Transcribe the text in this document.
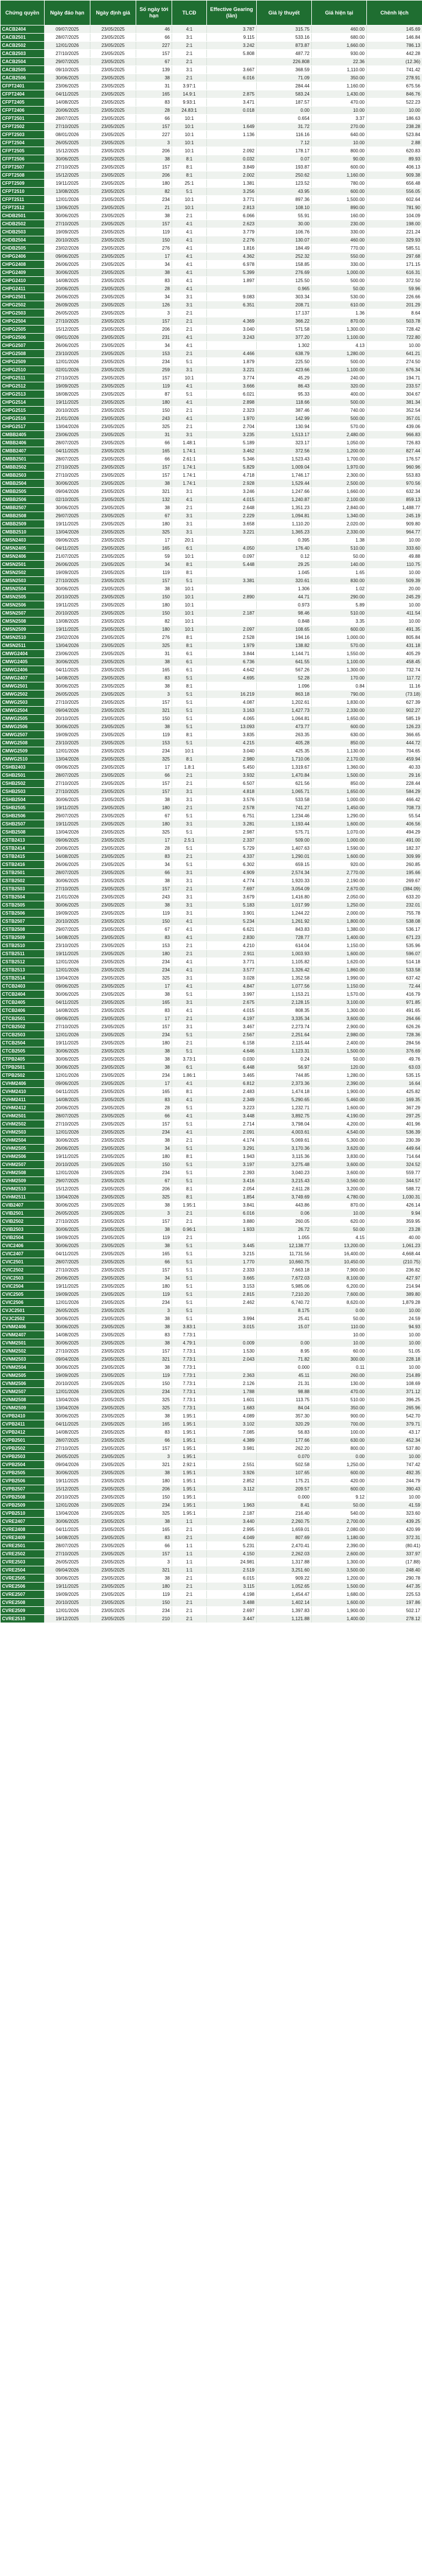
Chứng quyền	Ngày đáo hạn	Ngày định giá	Số ngày tới hạn	TLCĐ	Effective Gearing (lần)	Giá lý thuyết	Giá hiện tại	Chênh lệch
CACB2404	09/07/2025	23/05/2025	46	4:1	3.787	315.75	460.00	145.69
CACB2501	28/07/2025	23/05/2025	66	3:1	9.115	533.16	680.00	146.84
CACB2502	12/01/2026	23/05/2025	227	2:1	3.242	873.87	1,660.00	786.13
CACB2503	27/10/2025	23/05/2025	157	2:1	5.808	487.72	930.00	442.28
CACB2504	29/07/2025	23/05/2025	67	2:1		226.808	22.36	(12.36)
CACB2505	09/10/2025	23/05/2025	139	3:1	3.667	368.59	1,110.00	741.42
CACB2506	30/06/2025	23/05/2025	38	2:1	6.016	71.09	350.00	278.91
CFPT2401	23/06/2025	23/05/2025	31	3.97:1		284.44	1,160.00	675.56
CFPT2404	04/11/2025	23/05/2025	165	14.9:1	2.875	583.24	1,430.00	846.76
CFPT2405	14/08/2025	23/05/2025	83	9.93:1	3.471	187.57	470.00	522.23
CFPT2406	20/06/2025	23/05/2025	28	24.83:1	0.018	0.00	10.00	10.00
CFPT2501	28/07/2025	23/05/2025	66	10:1		0.654	3.37	186.63
CFPT2502	27/10/2025	23/05/2025	157	10:1	1.649	31.72	270.00	238.28
CFPT2503	08/01/2026	23/05/2025	227	10:1	1.136	116.16	640.00	523.84
CFPT2504	26/05/2025	23/05/2025	3	10:1		7.12	10.00	2.88
CFPT2505	15/12/2025	23/05/2025	206	10:1	2.092	178.17	800.00	620.83
CFPT2506	30/06/2025	23/05/2025	38	8:1	0.032	0.07	90.00	89.93
CFPT2507	27/10/2025	23/05/2025	157	8:1	3.849	193.87	600.00	406.13
CFPT2508	15/12/2025	23/05/2025	206	8:1	2.002	250.62	1,160.00	909.38
CFPT2509	19/11/2025	23/05/2025	180	25:1	1.381	123.52	780.00	656.48
CFPT2510	13/08/2025	23/05/2025	82	5:1	3.256	43.95	600.00	556.05
CFPT2511	12/01/2026	23/05/2025	234	10:1	3.771	897.36	1,500.00	602.64
CFPT2512	13/06/2025	23/05/2025	21	10:1	2.813	108.10	890.00	781.90
CHDB2501	30/06/2025	23/05/2025	38	2:1	6.066	55.91	160.00	104.09
CHDB2502	27/10/2025	23/05/2025	157	4:1	2.623	30.00	230.00	198.00
CHDB2503	19/09/2025	23/05/2025	119	4:1	3.779	106.76	330.00	221.24
CHDB2504	20/10/2025	23/05/2025	150	4:1	2.276	130.07	460.00	329.93
CHDB2505	23/02/2026	23/05/2025	276	4:1	1.816	184.49	770.00	585.51
CHPG2406	09/06/2025	23/05/2025	17	4:1	4.362	252.32	550.00	297.68
CHPG2408	26/06/2025	23/05/2025	34	4:1	6.978	158.85	330.00	171.15
CHPG2409	30/06/2025	23/05/2025	38	4:1	5.399	276.69	1,000.00	616.31
CHPG2410	14/08/2025	23/05/2025	83	4:1	1.897	125.50	500.00	372.50
CHPG2411	20/06/2025	23/05/2025	28	4:1		0.965	50.00	59.96
CHPG2501	26/06/2025	23/05/2025	34	3:1	9.083	303.34	530.00	226.66
CHPG2502	26/09/2025	23/05/2025	126	3:1	6.351	208.71	610.00	201.29
CHPG2503	26/05/2025	23/05/2025	3	2:1		17.137	1.36	8.64
CHPG2504	27/10/2025	23/05/2025	157	2:1	4.369	366.22	870.00	503.78
CHPG2505	15/12/2025	23/05/2025	206	2:1	3.040	571.58	1,300.00	728.42
CHPG2506	09/01/2026	23/05/2025	231	4:1	3.243	377.20	1,100.00	722.80
CHPG2507	26/06/2025	23/05/2025	34	4:1		1.302	4.13	10.00
CHPG2508	23/10/2025	23/05/2025	153	2:1	4.466	638.79	1,280.00	641.21
CHPG2509	12/01/2026	23/05/2025	234	5:1	1.879	225.50	500.00	274.50
CHPG2510	02/01/2026	23/05/2025	259	3:1	3.221	423.66	1,100.00	676.34
CHPG2511	27/10/2025	23/05/2025	157	10:1	3.774	45.29	240.00	194.71
CHPG2512	19/09/2025	23/05/2025	119	4:1	3.666	86.43	320.00	233.57
CHPG2513	18/08/2025	23/05/2025	87	5:1	6.021	95.33	400.00	304.67
CHPG2514	19/11/2025	23/05/2025	180	4:1	2.898	118.66	500.00	381.34
CHPG2515	20/10/2025	23/05/2025	150	2:1	2.323	387.46	740.00	352.54
CHPG2516	21/01/2026	23/05/2025	243	4:1	1.970	142.99	500.00	357.01
CHPG2517	13/04/2026	23/05/2025	325	2:1	2.704	130.94	570.00	439.06
CMBB2405	23/06/2025	23/05/2025	31	3:1	3.235	1,513.17	2,480.00	966.83
CMBB2406	28/07/2025	23/05/2025	66	1.48:1	5.189	323.17	1,050.00	726.83
CMBB2407	04/11/2025	23/05/2025	165	1.74:1	3.462	372.56	1,200.00	827.44
CMBB2501	28/07/2025	23/05/2025	66	2.61:1	5.346	1,523.43	1,700.00	176.57
CMBB2502	27/10/2025	23/05/2025	157	1.74:1	5.829	1,009.04	1,970.00	960.96
CMBB2503	27/10/2025	23/05/2025	157	1.74:1	4.718	1,746.17	2,300.00	553.83
CMBB2504	30/06/2025	23/05/2025	38	1.74:1	2.928	1,529.44	2,500.00	970.56
CMBB2505	09/04/2026	23/05/2025	321	3:1	3.246	1,247.66	1,660.00	632.34
CMBB2506	02/10/2025	23/05/2025	132	4:1	4.015	1,240.87	2,100.00	859.13
CMBB2507	30/06/2025	23/05/2025	38	2:1	2.648	1,351.23	2,840.00	1,488.77
CMBB2508	29/07/2025	23/05/2025	67	3:1	2.229	1,094.81	1,340.00	245.19
CMBB2509	19/11/2025	23/05/2025	180	3:1	3.658	1,110.20	2,020.00	909.80
CMBB2510	13/04/2026	23/05/2025	325	3:1	3.221	1,365.23	2,330.00	964.77
CMSN2403	09/06/2025	23/05/2025	17	20:1		0.395	1.38	10.00
CMSN2405	04/11/2025	23/05/2025	165	6:1	4.050	176.40	510.00	333.60
CMSN2406	21/07/2025	23/05/2025	59	10:1	0.097	0.12	50.00	49.88
CMSN2501	26/06/2025	23/05/2025	34	8:1	5.448	29.25	140.00	110.75
CMSN2502	19/09/2025	23/05/2025	119	8:1		1.045	1.65	10.00
CMSN2503	27/10/2025	23/05/2025	157	5:1	3.381	320.61	830.00	509.39
CMSN2504	30/06/2025	23/05/2025	38	10:1		1.306	1.02	20.00
CMSN2505	20/10/2025	23/05/2025	150	10:1	2.890	44.71	290.00	245.29
CMSN2506	19/11/2025	23/05/2025	180	10:1		0.973	5.89	10.00
CMSN2507	20/10/2025	23/05/2025	150	10:1	2.187	98.46	510.00	411.54
CMSN2508	13/08/2025	23/05/2025	82	10:1		0.848	3.35	10.00
CMSN2509	19/11/2025	23/05/2025	180	10:1	2.097	108.65	600.00	491.35
CMSN2510	23/02/2026	23/05/2025	276	8:1	2.528	194.16	1,000.00	805.84
CMSN2511	13/04/2026	23/05/2025	325	8:1	1.979	138.82	570.00	431.18
CMWG2404	23/06/2025	23/05/2025	31	6:1	3.844	1,144.71	1,550.00	405.29
CMWG2405	30/06/2025	23/05/2025	38	6:1	6.736	641.55	1,100.00	458.45
CMWG2406	04/11/2025	23/05/2025	165	6:1	4.642	567.26	1,300.00	732.74
CMWG2407	14/08/2025	23/05/2025	83	5:1	4.695	52.28	170.00	117.72
CMWG2501	30/06/2025	23/05/2025	38	8:1		1.096	0.84	11.16
CMWG2502	26/05/2025	23/05/2025	3	5:1	16.219	863.18	790.00	(73.18)
CMWG2503	27/10/2025	23/05/2025	157	5:1	4.087	1,202.61	1,830.00	627.39
CMWG2504	09/04/2026	23/05/2025	321	5:1	3.163	1,427.73	2,330.00	902.27
CMWG2505	20/10/2025	23/05/2025	150	5:1	4.065	1,064.81	1,650.00	585.19
CMWG2506	30/06/2025	23/05/2025	38	5:1	13.093	473.77	600.00	126.23
CMWG2507	19/09/2025	23/05/2025	119	8:1	3.835	263.35	630.00	366.65
CMWG2508	23/10/2025	23/05/2025	153	5:1	4.215	405.28	850.00	444.72
CMWG2509	12/01/2026	23/05/2025	234	10:1	3.040	425.35	1,130.00	704.65
CMWG2510	13/04/2026	23/05/2025	325	8:1	2.980	1,710.06	2,170.00	459.94
CSHB2403	09/06/2025	23/05/2025	17	1.8:1	5.450	1,319.67	1,360.00	40.33
CSHB2501	28/07/2025	23/05/2025	66	2:1	3.932	1,470.84	1,500.00	29.16
CSHB2502	27/10/2025	23/05/2025	157	2:1	6.507	621.56	850.00	228.44
CSHB2503	27/10/2025	23/05/2025	157	3:1	4.818	1,065.71	1,650.00	584.29
CSHB2504	30/06/2025	23/05/2025	38	3:1	3.576	533.58	1,000.00	466.42
CSHB2505	19/11/2025	23/05/2025	180	2:1	2.578	741.27	1,450.00	708.73
CSHB2506	29/07/2025	23/05/2025	67	5:1	6.751	1,234.46	1,290.00	55.54
CSHB2507	19/11/2025	23/05/2025	180	3:1	3.281	1,193.44	1,600.00	406.56
CSHB2508	13/04/2026	23/05/2025	325	5:1	2.987	575.71	1,070.00	494.29
CSTB2413	09/06/2025	23/05/2025	17	2.5:1	2.337	509.00	1,000.00	491.00
CSTB2414	20/06/2025	23/05/2025	28	5:1	5.729	1,407.63	1,590.00	182.37
CSTB2415	14/08/2025	23/05/2025	83	2:1	4.337	1,290.01	1,600.00	309.99
CSTB2416	26/06/2025	23/05/2025	34	5:1	6.302	659.15	920.00	260.85
CSTB2501	28/07/2025	23/05/2025	66	3:1	4.909	2,574.34	2,770.00	195.66
CSTB2502	30/06/2025	23/05/2025	38	3:1	4.774	1,920.33	2,190.00	269.67
CSTB2503	27/10/2025	23/05/2025	157	2:1	7.697	3,054.09	2,670.00	(384.09)
CSTB2504	21/01/2026	23/05/2025	243	3:1	3.679	1,416.80	2,050.00	633.20
CSTB2505	30/06/2025	23/05/2025	38	3:1	5.183	1,017.99	1,250.00	232.01
CSTB2506	19/09/2025	23/05/2025	119	3:1	3.901	1,244.22	2,000.00	755.78
CSTB2507	20/10/2025	23/05/2025	150	4:1	5.234	1,261.92	1,800.00	538.08
CSTB2508	29/07/2025	23/05/2025	67	4:1	6.621	843.83	1,380.00	536.17
CSTB2509	14/08/2025	23/05/2025	83	4:1	2.830	728.77	1,400.00	671.23
CSTB2510	23/10/2025	23/05/2025	153	2:1	4.210	614.04	1,150.00	535.96
CSTB2511	19/11/2025	23/05/2025	180	2:1	2.911	1,003.93	1,600.00	596.07
CSTB2512	12/01/2026	23/05/2025	234	4:1	3.771	1,105.82	1,620.00	514.18
CSTB2513	12/01/2026	23/05/2025	234	4:1	3.577	1,326.42	1,860.00	533.58
CSTB2514	13/04/2026	23/05/2025	325	3:1	3.028	1,352.58	1,990.00	637.42
CTCB2403	09/06/2025	23/05/2025	17	4:1	4.847	1,077.56	1,150.00	72.44
CTCB2404	30/06/2025	23/05/2025	38	5:1	3.997	1,153.21	1,570.00	416.79
CTCB2405	04/11/2025	23/05/2025	165	3:1	2.675	2,128.15	3,100.00	971.85
CTCB2406	14/08/2025	23/05/2025	83	4:1	4.015	808.35	1,300.00	491.65
CTCB2501	09/06/2025	23/05/2025	17	2:1	4.197	3,335.34	3,600.00	264.66
CTCB2502	27/10/2025	23/05/2025	157	3:1	3.467	2,273.74	2,900.00	626.26
CTCB2503	12/01/2026	23/05/2025	234	5:1	2.567	2,251.64	2,980.00	728.36
CTCB2504	19/11/2025	23/05/2025	180	2:1	6.158	2,115.44	2,400.00	284.56
CTCB2505	30/06/2025	23/05/2025	38	5:1	4.646	1,123.31	1,500.00	376.69
CTPB2405	30/06/2025	23/05/2025	38	3.73:1	0.030	0.24	50.00	49.76
CTPB2501	30/06/2025	23/05/2025	38	6:1	6.448	56.97	120.00	63.03
CTPB2502	12/01/2026	23/05/2025	234	1.86:1	3.465	744.85	1,280.00	535.15
CVHM2406	09/06/2025	23/05/2025	17	4:1	6.812	2,373.36	2,390.00	16.64
CVHM2410	04/11/2025	23/05/2025	165	8:1	2.483	1,474.18	1,900.00	425.82
CVHM2411	14/08/2025	23/05/2025	83	4:1	2.349	5,290.65	5,460.00	169.35
CVHM2412	20/06/2025	23/05/2025	28	5:1	3.223	1,232.71	1,600.00	367.29
CVHM2501	28/07/2025	23/05/2025	66	4:1	3.448	3,892.75	4,190.00	297.25
CVHM2502	27/10/2025	23/05/2025	157	5:1	2.714	3,798.04	4,200.00	401.96
CVHM2503	12/01/2026	23/05/2025	234	4:1	2.091	4,003.61	4,540.00	536.39
CVHM2504	30/06/2025	23/05/2025	38	2:1	4.174	5,069.61	5,300.00	230.39
CVHM2505	26/06/2025	23/05/2025	34	5:1	3.291	3,170.36	3,620.00	449.64
CVHM2506	19/11/2025	23/05/2025	180	8:1	1.943	3,115.36	3,830.00	714.64
CVHM2507	20/10/2025	23/05/2025	150	5:1	3.197	3,275.48	3,600.00	324.52
CVHM2508	12/01/2026	23/05/2025	234	5:1	2.393	3,040.23	3,600.00	559.77
CVHM2509	29/07/2025	23/05/2025	67	5:1	3.416	3,215.43	3,560.00	344.57
CVHM2510	15/12/2025	23/05/2025	206	8:1	2.054	2,611.28	3,200.00	588.72
CVHM2511	13/04/2026	23/05/2025	325	8:1	1.854	3,749.69	4,780.00	1,030.31
CVIB2407	30/06/2025	23/05/2025	38	1.95:1	3.841	443.86	870.00	426.14
CVIB2501	26/05/2025	23/05/2025	3	2:1	6.016	0.06	10.00	9.94
CVIB2502	27/10/2025	23/05/2025	157	2:1	3.880	260.05	620.00	359.95
CVIB2503	30/06/2025	23/05/2025	38	0.96:1	1.933	26.72	50.00	23.28
CVIB2504	19/09/2025	23/05/2025	119	2:1		1.055	4.15	40.00
CVIC2406	30/06/2025	23/05/2025	38	5:1	3.445	12,138.77	13,200.00	1,061.23
CVIC2407	04/11/2025	23/05/2025	165	5:1	3.215	11,731.56	16,400.00	4,668.44
CVIC2501	28/07/2025	23/05/2025	66	5:1	1.770	10,660.75	10,450.00	(210.75)
CVIC2502	27/10/2025	23/05/2025	157	5:1	2.333	7,663.18	7,900.00	236.82
CVIC2503	26/06/2025	23/05/2025	34	5:1	3.665	7,672.03	8,100.00	427.97
CVIC2504	19/11/2025	23/05/2025	180	5:1	3.153	5,985.06	6,200.00	214.94
CVIC2505	19/09/2025	23/05/2025	119	5:1	2.815	7,210.20	7,600.00	389.80
CVIC2506	12/01/2026	23/05/2025	234	5:1	2.462	6,740.72	8,620.00	1,879.28
CVJC2501	26/05/2025	23/05/2025	3	5:1		8.175	0.00	10.00
CVJC2502	30/06/2025	23/05/2025	38	5:1	3.994	25.41	50.00	24.59
CVNM2406	30/06/2025	23/05/2025	38	3.83:1	3.015	15.07	110.00	94.93
CVNM2407	14/08/2025	23/05/2025	83	7.73:1			10.00	10.00
CVNM2501	30/06/2025	23/05/2025	38	4.79:1	0.009	0.00	10.00	10.00
CVNM2502	27/10/2025	23/05/2025	157	7.73:1	1.530	8.95	60.00	51.05
CVNM2503	09/04/2026	23/05/2025	321	7.73:1	2.043	71.82	300.00	228.18
CVNM2504	30/06/2025	23/05/2025	38	7.73:1		0.000	0.11	10.00
CVNM2505	19/09/2025	23/05/2025	119	7.73:1	2.363	45.11	260.00	214.89
CVNM2506	20/10/2025	23/05/2025	150	7.73:1	2.126	21.31	130.00	108.69
CVNM2507	12/01/2026	23/05/2025	234	7.73:1	1.788	98.88	470.00	371.12
CVNM2508	13/04/2026	23/05/2025	325	7.73:1	1.601	113.75	510.00	396.25
CVNM2509	13/04/2026	23/05/2025	325	7.73:1	1.683	84.04	350.00	265.96
CVPB2410	30/06/2025	23/05/2025	38	1.95:1	4.089	357.30	900.00	542.70
CVPB2411	04/11/2025	23/05/2025	165	1.95:1	3.102	320.29	700.00	379.71
CVPB2412	14/08/2025	23/05/2025	83	1.95:1	7.085	56.83	100.00	43.17
CVPB2501	28/07/2025	23/05/2025	66	1.95:1	4.389	177.66	630.00	452.34
CVPB2502	27/10/2025	23/05/2025	157	1.95:1	3.981	262.20	800.00	537.80
CVPB2503	26/05/2025	23/05/2025	3	1.95:1		0.070	0.00	10.00
CVPB2504	09/04/2026	23/05/2025	321	2.92:1	2.551	502.58	1,250.00	747.42
CVPB2505	30/06/2025	23/05/2025	38	1.95:1	3.926	107.65	600.00	492.35
CVPB2506	19/11/2025	23/05/2025	180	1.95:1	2.852	175.21	420.00	244.79
CVPB2507	15/12/2025	23/05/2025	206	1.95:1	3.112	209.57	600.00	390.43
CVPB2508	20/10/2025	23/05/2025	150	1.95:1		0.000	9.12	10.00
CVPB2509	12/01/2026	23/05/2025	234	1.95:1	1.963	8.41	50.00	41.59
CVPB2510	13/04/2026	23/05/2025	325	1.95:1	2.187	216.40	540.00	323.60
CVRE2407	30/06/2025	23/05/2025	38	1:1	3.440	2,260.75	2,700.00	439.25
CVRE2408	04/11/2025	23/05/2025	165	2:1	2.995	1,659.01	2,080.00	420.99
CVRE2409	14/08/2025	23/05/2025	83	2:1	4.049	807.69	1,180.00	372.31
CVRE2501	28/07/2025	23/05/2025	66	1:1	5.231	2,470.41	2,390.00	(80.41)
CVRE2502	27/10/2025	23/05/2025	157	1:1	4.150	2,262.03	2,600.00	337.97
CVRE2503	26/05/2025	23/05/2025	3	1:1	24.981	1,317.88	1,300.00	(17.88)
CVRE2504	09/04/2026	23/05/2025	321	1:1	2.519	3,251.60	3,500.00	248.40
CVRE2505	30/06/2025	23/05/2025	38	2:1	6.015	909.22	1,200.00	290.78
CVRE2506	19/11/2025	23/05/2025	180	2:1	3.115	1,052.65	1,500.00	447.35
CVRE2507	19/09/2025	23/05/2025	119	2:1	4.198	1,454.47	1,680.00	225.53
CVRE2508	20/10/2025	23/05/2025	150	2:1	3.488	1,402.14	1,600.00	197.86
CVRE2509	12/01/2026	23/05/2025	234	2:1	2.697	1,397.83	1,900.00	502.17
CVRE2510	19/12/2025	23/05/2025	210	2:1	3.447	1,121.88	1,400.00	278.12
